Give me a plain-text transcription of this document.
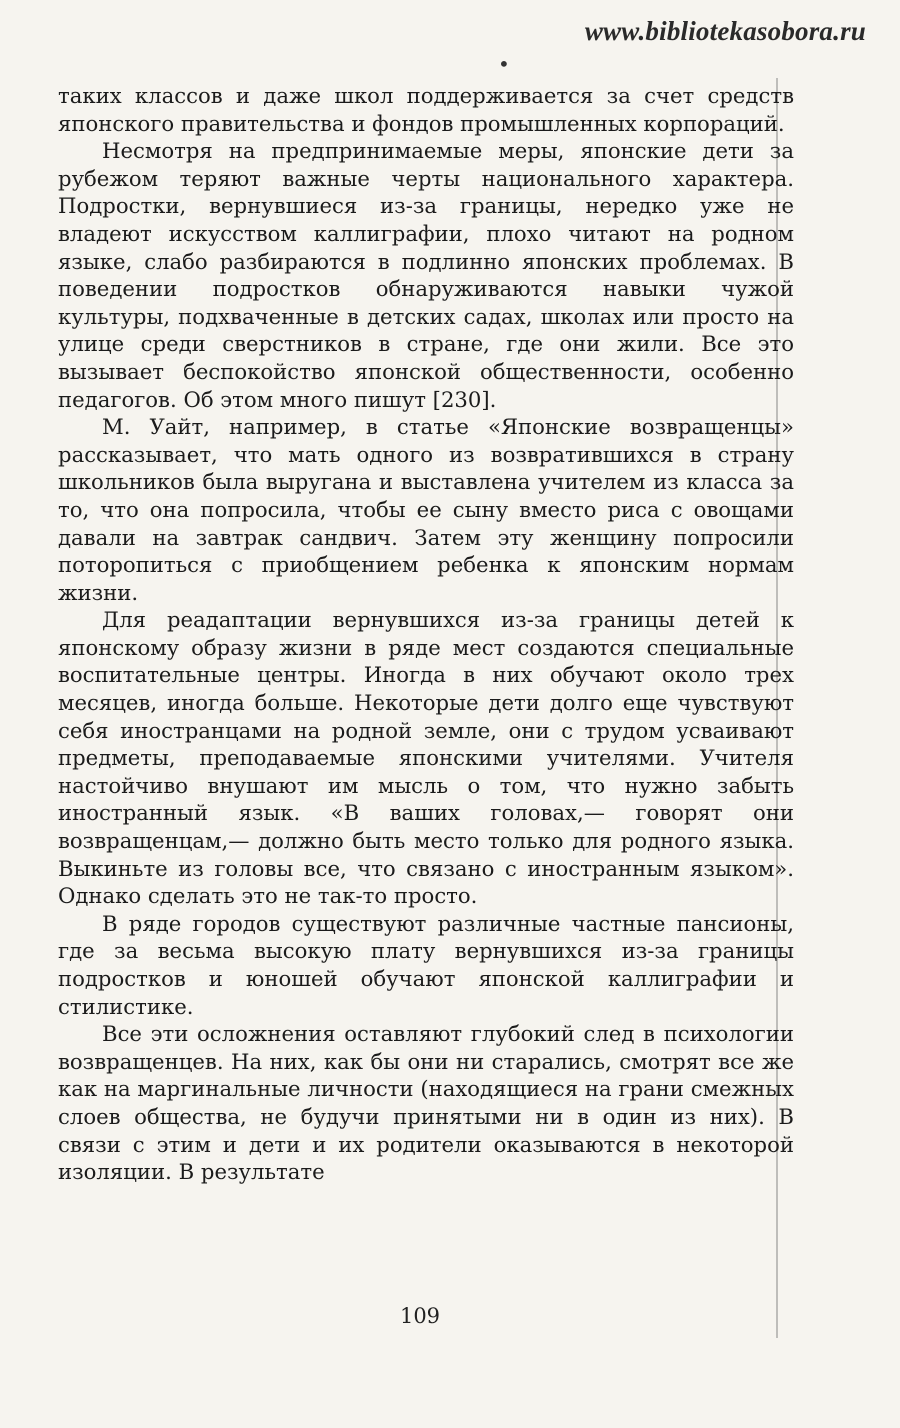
www.bibliotekasobora.ru
•

таких классов и даже школ поддерживается за счет средств японского правительства и фондов промышленных корпораций.

Несмотря на предпринимаемые меры, японские дети за рубежом теряют важные черты национального характера. Подростки, вернувшиеся из-за границы, нередко уже не владеют искусством каллиграфии, плохо читают на родном языке, слабо разбираются в подлинно японских проблемах. В поведении подростков обнаруживаются навыки чужой культуры, подхваченные в детских садах, школах или просто на улице среди сверстников в стране, где они жили. Все это вызывает беспокойство японской общественности, особенно педагогов. Об этом много пишут [230].

М. Уайт, например, в статье «Японские возвращенцы» рассказывает, что мать одного из возвратившихся в страну школьников была выругана и выставлена учителем из класса за то, что она попросила, чтобы ее сыну вместо риса с овощами давали на завтрак сандвич. Затем эту женщину попросили поторопиться с приобщением ребенка к японским нормам жизни.

Для реадаптации вернувшихся из-за границы детей к японскому образу жизни в ряде мест создаются специальные воспитательные центры. Иногда в них обучают около трех месяцев, иногда больше. Некоторые дети долго еще чувствуют себя иностранцами на родной земле, они с трудом усваивают предметы, преподаваемые японскими учителями. Учителя настойчиво внушают им мысль о том, что нужно забыть иностранный язык. «В ваших головах,— говорят они возвращенцам,— должно быть место только для родного языка. Выкиньте из головы все, что связано с иностранным языком». Однако сделать это не так-то просто.

В ряде городов существуют различные частные пансионы, где за весьма высокую плату вернувшихся из-за границы подростков и юношей обучают японской каллиграфии и стилистике.

Все эти осложнения оставляют глубокий след в психологии возвращенцев. На них, как бы они ни старались, смотрят все же как на маргинальные личности (находящиеся на грани смежных слоев общества, не будучи принятыми ни в один из них). В связи с этим и дети и их родители оказываются в некоторой изоляции. В результате

109
